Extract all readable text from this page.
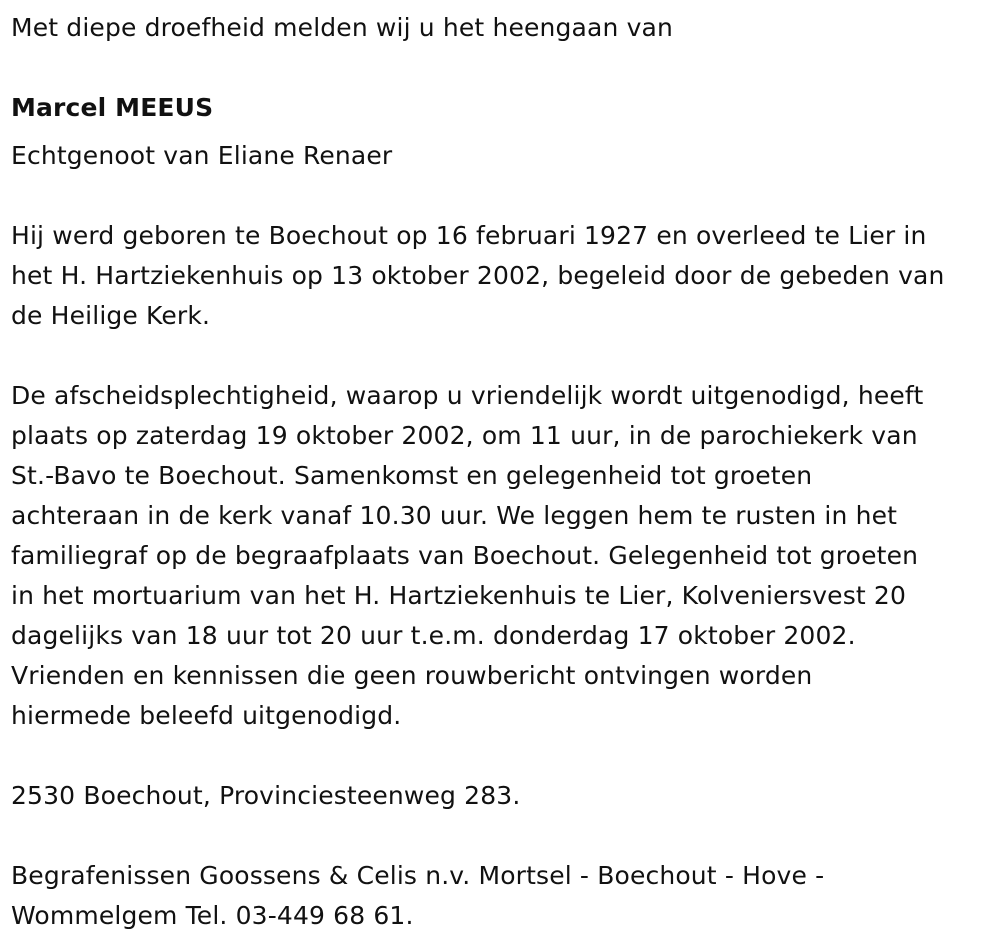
Met diepe droefheid melden wij u het heengaan van

Marcel MEEUS

Echtgenoot van Eliane Renaer

Hij werd geboren te Boechout op 16 februari 1927 en overleed te Lier in

het H. Hartziekenhuis op 13 oktober 2002, begeleid door de gebeden van

de Heilige Kerk.

De afscheidsplechtigheid, waarop u vriendelijk wordt uitgenodigd, heeft

plaats op zaterdag 19 oktober 2002, om 11 uur, in de parochiekerk van

St.-Bavo te Boechout. Samenkomst en gelegenheid tot groeten

achteraan in de kerk vanaf 10.30 uur. We leggen hem te rusten in het

familiegraf op de begraafplaats van Boechout. Gelegenheid tot groeten

in het mortuarium van het H. Hartziekenhuis te Lier, Kolveniersvest 20

dagelijks van 18 uur tot 20 uur t.e.m. donderdag 17 oktober 2002.

Vrienden en kennissen die geen rouwbericht ontvingen worden

hiermede beleefd uitgenodigd.

2530 Boechout, Provinciesteenweg 283.

Begrafenissen Goossens & Celis n.v. Mortsel - Boechout - Hove -

Wommelgem Tel. 03-449 68 61.
